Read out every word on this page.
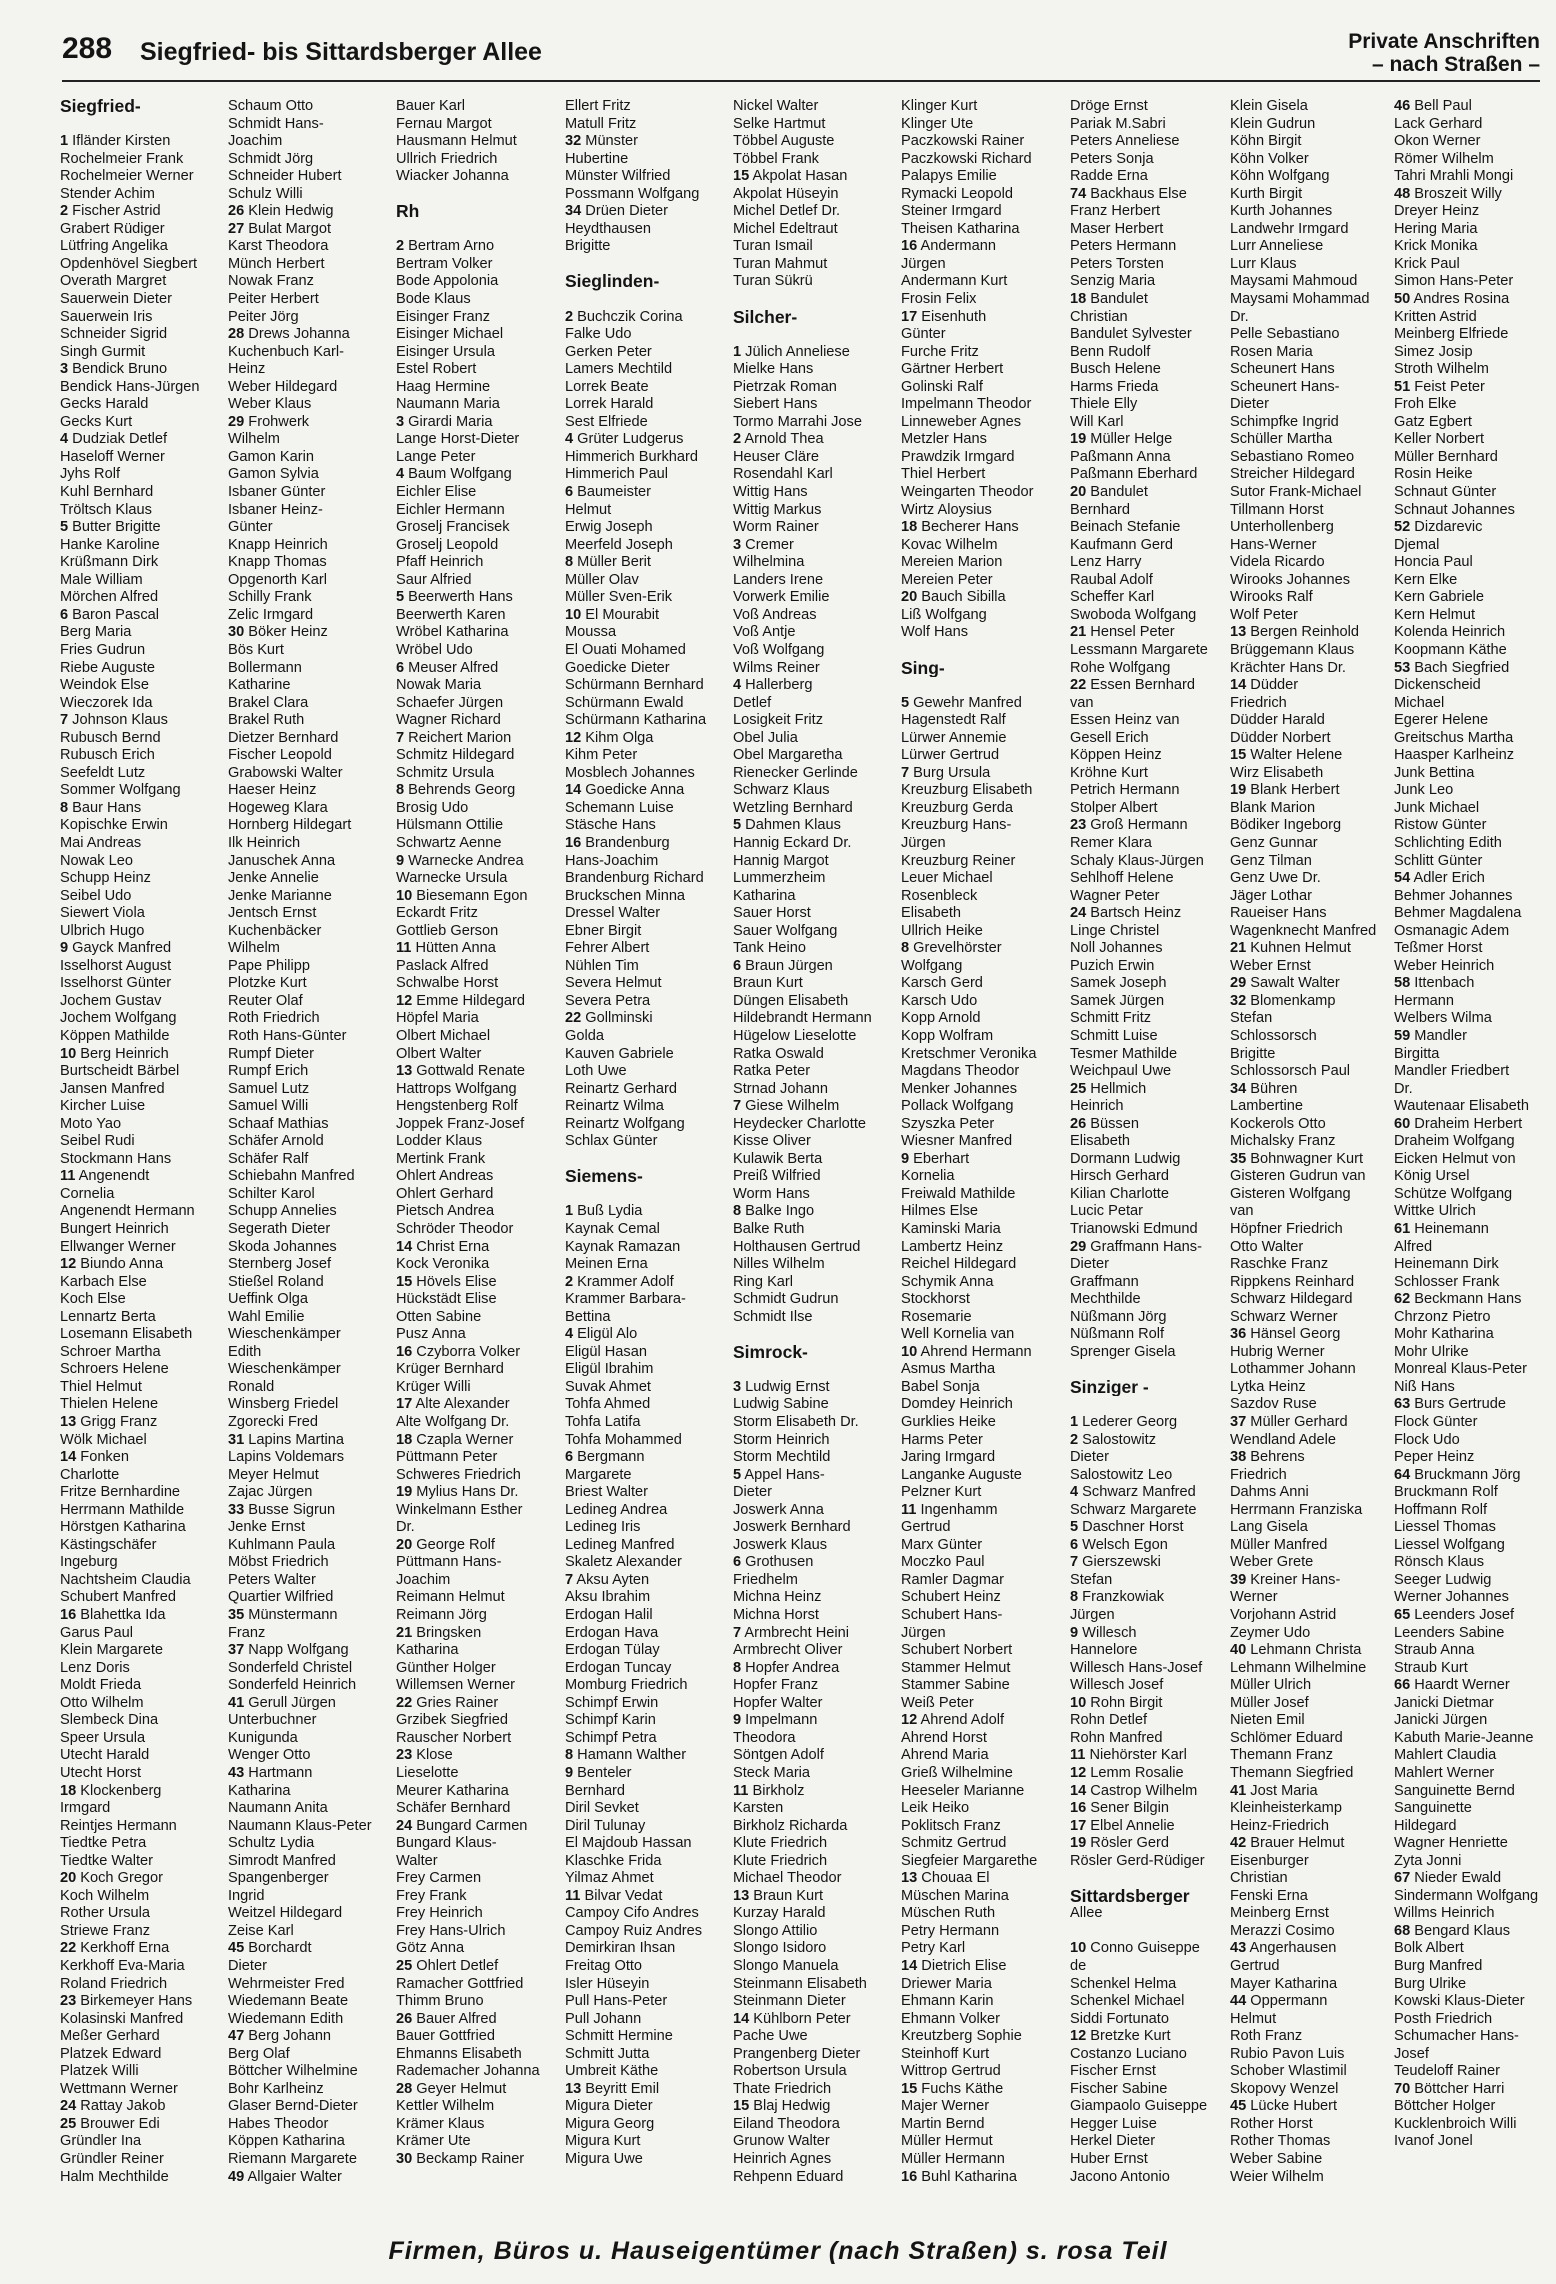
288 Siegfried- bis Sittardsberger Allee	Private Anschriften
– nach Straßen –
Siegfried-

1 Ifländer Kirsten
Rochelmeier Frank
Rochelmeier Werner
Stender Achim
2 Fischer Astrid
Grabert Rüdiger
Lütfring Angelika
Opdenhövel Siegbert
Overath Margret
Sauerwein Dieter
Sauerwein Iris
Schneider Sigrid
Singh Gurmit
3 Bendick Bruno
Bendick Hans-Jürgen
Gecks Harald
Gecks Kurt
4 Dudziak Detlef
Haseloff Werner
Jyhs Rolf
Kuhl Bernhard
Tröltsch Klaus
5 Butter Brigitte
Hanke Karoline
Krüßmann Dirk
Male William
Mörchen Alfred
6 Baron Pascal
Berg Maria
Fries Gudrun
Riebe Auguste
Weindok Else
Wieczorek Ida
7 Johnson Klaus
Rubusch Bernd
Rubusch Erich
Seefeldt Lutz
Sommer Wolfgang
8 Baur Hans
Kopischke Erwin
Mai Andreas
Nowak Leo
Schupp Heinz
Seibel Udo
Siewert Viola
Ulbrich Hugo
9 Gayck Manfred
Isselhorst August
Isselhorst Günter
Jochem Gustav
Jochem Wolfgang
Köppen Mathilde
10 Berg Heinrich
Burtscheidt Bärbel
Jansen Manfred
Kircher Luise
Moto Yao
Seibel Rudi
Stockmann Hans
11 Angenendt
Cornelia
Angenendt Hermann
Bungert Heinrich
Ellwanger Werner
12 Biundo Anna
Karbach Else
Koch Else
Lennartz Berta
Losemann Elisabeth
Schroer Martha
Schroers Helene
Thiel Helmut
Thielen Helene
13 Grigg Franz
Wölk Michael
14 Fonken
Charlotte
Fritze Bernhardine
Herrmann Mathilde
Hörstgen Katharina
Kästingschäfer
Ingeburg
Nachtsheim Claudia
Schubert Manfred
16 Blahettka Ida
Garus Paul
Klein Margarete
Lenz Doris
Moldt Frieda
Otto Wilhelm
Slembeck Dina
Speer Ursula
Utecht Harald
Utecht Horst
18 Klockenberg
Irmgard
Reintjes Hermann
Tiedtke Petra
Tiedtke Walter
20 Koch Gregor
Koch Wilhelm
Rother Ursula
Striewe Franz
22 Kerkhoff Erna
Kerkhoff Eva-Maria
Roland Friedrich
23 Birkemeyer Hans
Kolasinski Manfred
Meßer Gerhard
Platzek Edward
Platzek Willi
Wettmann Werner
24 Rattay Jakob
25 Brouwer Edi
Gründler Ina
Gründler Reiner
Halm Mechthilde
Schaum Otto
Schmidt Hans-
Joachim
Schmidt Jörg
Schneider Hubert
Schulz Willi
26 Klein Hedwig
27 Bulat Margot
Karst Theodora
Münch Herbert
Nowak Franz
Peiter Herbert
Peiter Jörg
28 Drews Johanna
Kuchenbuch Karl-
Heinz
Weber Hildegard
Weber Klaus
29 Frohwerk
Wilhelm
Gamon Karin
Gamon Sylvia
Isbaner Günter
Isbaner Heinz-
Günter
Knapp Heinrich
Knapp Thomas
Opgenorth Karl
Schilly Frank
Zelic Irmgard
30 Böker Heinz
Bös Kurt
Bollermann
Katharine
Brakel Clara
Brakel Ruth
Dietzer Bernhard
Fischer Leopold
Grabowski Walter
Haeser Heinz
Hogeweg Klara
Hornberg Hildegart
Ilk Heinrich
Januschek Anna
Jenke Annelie
Jenke Marianne
Jentsch Ernst
Kuchenbäcker
Wilhelm
Pape Philipp
Plotzke Kurt
Reuter Olaf
Roth Friedrich
Roth Hans-Günter
Rumpf Dieter
Rumpf Erich
Samuel Lutz
Samuel Willi
Schaaf Mathias
Schäfer Arnold
Schäfer Ralf
Schiebahn Manfred
Schilter Karol
Schupp Annelies
Segerath Dieter
Skoda Johannes
Sternberg Josef
Stießel Roland
Ueffink Olga
Wahl Emilie
Wieschenkämper
Edith
Wieschenkämper
Ronald
Winsberg Friedel
Zgorecki Fred
31 Lapins Martina
Lapins Voldemars
Meyer Helmut
Zajac Jürgen
33 Busse Sigrun
Jenke Ernst
Kuhlmann Paula
Möbst Friedrich
Peters Walter
Quartier Wilfried
35 Münstermann
Franz
37 Napp Wolfgang
Sonderfeld Christel
Sonderfeld Heinrich
41 Gerull Jürgen
Unterbuchner
Kunigunda
Wenger Otto
43 Hartmann
Katharina
Naumann Anita
Naumann Klaus-Peter
Schultz Lydia
Simrodt Manfred
Spangenberger
Ingrid
Weitzel Hildegard
Zeise Karl
45 Borchardt
Dieter
Wehrmeister Fred
Wiedemann Beate
Wiedemann Edith
47 Berg Johann
Berg Olaf
Böttcher Wilhelmine
Bohr Karlheinz
Glaser Bernd-Dieter
Habes Theodor
Köppen Katharina
Riemann Margarete
49 Allgaier Walter
Bauer Karl
Fernau Margot
Hausmann Helmut
Ullrich Friedrich
Wiacker Johanna

Rh

2 Bertram Arno
Bertram Volker
Bode Appolonia
Bode Klaus
Eisinger Franz
Eisinger Michael
Eisinger Ursula
Estel Robert
Haag Hermine
Naumann Maria
3 Girardi Maria
Lange Horst-Dieter
Lange Peter
4 Baum Wolfgang
Eichler Elise
Eichler Hermann
Groselj Francisek
Groselj Leopold
Pfaff Heinrich
Saur Alfried
5 Beerwerth Hans
Beerwerth Karen
Wröbel Katharina
Wröbel Udo
6 Meuser Alfred
Nowak Maria
Schaefer Jürgen
Wagner Richard
7 Reichert Marion
Schmitz Hildegard
Schmitz Ursula
8 Behrends Georg
Brosig Udo
Hülsmann Ottilie
Schwartz Aenne
9 Warnecke Andrea
Warnecke Ursula
10 Biesemann Egon
Eckardt Fritz
Gottlieb Gerson
11 Hütten Anna
Paslack Alfred
Schwalbe Horst
12 Emme Hildegard
Höpfel Maria
Olbert Michael
Olbert Walter
13 Gottwald Renate
Hattrops Wolfgang
Hengstenberg Rolf
Joppek Franz-Josef
Lodder Klaus
Mertink Frank
Ohlert Andreas
Ohlert Gerhard
Pietsch Andrea
Schröder Theodor
14 Christ Erna
Kock Veronika
15 Hövels Elise
Hückstädt Elise
Otten Sabine
Pusz Anna
16 Czyborra Volker
Krüger Bernhard
Krüger Willi
17 Alte Alexander
Alte Wolfgang Dr.
18 Czapla Werner
Püttmann Peter
Schweres Friedrich
19 Mylius Hans Dr.
Winkelmann Esther
Dr.
20 George Rolf
Püttmann Hans-
Joachim
Reimann Helmut
Reimann Jörg
21 Bringsken
Katharina
Günther Holger
Willemsen Werner
22 Gries Rainer
Grzibek Siegfried
Rauscher Norbert
23 Klose
Lieselotte
Meurer Katharina
Schäfer Bernhard
24 Bungard Carmen
Bungard Klaus-
Walter
Frey Carmen
Frey Frank
Frey Heinrich
Frey Hans-Ulrich
Götz Anna
25 Ohlert Detlef
Ramacher Gottfried
Thimm Bruno
26 Bauer Alfred
Bauer Gottfried
Ehmanns Elisabeth
Rademacher Johanna
28 Geyer Helmut
Kettler Wilhelm
Krämer Klaus
Krämer Ute
30 Beckamp Rainer
Ellert Fritz
Matull Fritz
32 Münster
Hubertine
Münster Wilfried
Possmann Wolfgang
34 Drüen Dieter
Heydthausen
Brigitte

Sieglinden-

2 Buchczik Corina
Falke Udo
Gerken Peter
Lamers Mechtild
Lorrek Beate
Lorrek Harald
Sest Elfriede
4 Grüter Ludgerus
Himmerich Burkhard
Himmerich Paul
6 Baumeister
Helmut
Erwig Joseph
Meerfeld Joseph
8 Müller Berit
Müller Olav
Müller Sven-Erik
10 El Mourabit
Moussa
El Ouati Mohamed
Goedicke Dieter
Schürmann Bernhard
Schürmann Ewald
Schürmann Katharina
12 Kihm Olga
Kihm Peter
Mosblech Johannes
14 Goedicke Anna
Schemann Luise
Stäsche Hans
16 Brandenburg
Hans-Joachim
Brandenburg Richard
Bruckschen Minna
Dressel Walter
Ebner Birgit
Fehrer Albert
Nühlen Tim
Severa Helmut
Severa Petra
22 Gollminski
Golda
Kauven Gabriele
Loth Uwe
Reinartz Gerhard
Reinartz Wilma
Reinartz Wolfgang
Schlax Günter

Siemens-

1 Buß Lydia
Kaynak Cemal
Kaynak Ramazan
Meinen Erna
2 Krammer Adolf
Krammer Barbara-
Bettina
4 Eligül Alo
Eligül Hasan
Eligül Ibrahim
Suvak Ahmet
Tohfa Ahmed
Tohfa Latifa
Tohfa Mohammed
6 Bergmann
Margarete
Briest Walter
Ledineg Andrea
Ledineg Iris
Ledineg Manfred
Skaletz Alexander
7 Aksu Ayten
Aksu Ibrahim
Erdogan Halil
Erdogan Hava
Erdogan Tülay
Erdogan Tuncay
Momburg Friedrich
Schimpf Erwin
Schimpf Karin
Schimpf Petra
8 Hamann Walther
9 Benteler
Bernhard
Diril Sevket
Diril Tulunay
El Majdoub Hassan
Klaschke Frida
Yilmaz Ahmet
11 Bilvar Vedat
Campoy Cifo Andres
Campoy Ruiz Andres
Demirkiran Ihsan
Freitag Otto
Isler Hüseyin
Pull Hans-Peter
Pull Johann
Schmitt Hermine
Schmitt Jutta
Umbreit Käthe
13 Beyritt Emil
Migura Dieter
Migura Georg
Migura Kurt
Migura Uwe
Nickel Walter
Selke Hartmut
Többel Auguste
Többel Frank
15 Akpolat Hasan
Akpolat Hüseyin
Michel Detlef Dr.
Michel Edeltraut
Turan Ismail
Turan Mahmut
Turan Sükrü

Silcher-

1 Jülich Anneliese
Mielke Hans
Pietrzak Roman
Siebert Hans
Tormo Marrahi Jose
2 Arnold Thea
Heuser Cläre
Rosendahl Karl
Wittig Hans
Wittig Markus
Worm Rainer
3 Cremer
Wilhelmina
Landers Irene
Vorwerk Emilie
Voß Andreas
Voß Antje
Voß Wolfgang
Wilms Reiner
4 Hallerberg
Detlef
Losigkeit Fritz
Obel Julia
Obel Margaretha
Rienecker Gerlinde
Schwarz Klaus
Wetzling Bernhard
5 Dahmen Klaus
Hannig Eckard Dr.
Hannig Margot
Lummerzheim
Katharina
Sauer Horst
Sauer Wolfgang
Tank Heino
6 Braun Jürgen
Braun Kurt
Düngen Elisabeth
Hildebrandt Hermann
Hügelow Lieselotte
Ratka Oswald
Ratka Peter
Strnad Johann
7 Giese Wilhelm
Heydecker Charlotte
Kisse Oliver
Kulawik Berta
Preiß Wilfried
Worm Hans
8 Balke Ingo
Balke Ruth
Holthausen Gertrud
Nilles Wilhelm
Ring Karl
Schmidt Gudrun
Schmidt Ilse

Simrock-

3 Ludwig Ernst
Ludwig Sabine
Storm Elisabeth Dr.
Storm Heinrich
Storm Mechtild
5 Appel Hans-
Dieter
Joswerk Anna
Joswerk Bernhard
Joswerk Klaus
6 Grothusen
Friedhelm
Michna Heinz
Michna Horst
7 Armbrecht Heini
Armbrecht Oliver
8 Hopfer Andrea
Hopfer Franz
Hopfer Walter
9 Impelmann
Theodora
Söntgen Adolf
Steck Maria
11 Birkholz
Karsten
Birkholz Richarda
Klute Friedrich
Klute Friedrich
Michael Theodor
13 Braun Kurt
Kurzay Harald
Slongo Attilio
Slongo Isidoro
Slongo Manuela
Steinmann Elisabeth
Steinmann Dieter
14 Kühlborn Peter
Pache Uwe
Prangenberg Dieter
Robertson Ursula
Thate Friedrich
15 Blaj Hedwig
Eiland Theodora
Grunow Walter
Heinrich Agnes
Rehpenn Eduard
Klinger Kurt
Klinger Ute
Paczkowski Rainer
Paczkowski Richard
Palapys Emilie
Rymacki Leopold
Steiner Irmgard
Theisen Katharina
16 Andermann
Jürgen
Andermann Kurt
Frosin Felix
17 Eisenhuth
Günter
Furche Fritz
Gärtner Herbert
Golinski Ralf
Impelmann Theodor
Linneweber Agnes
Metzler Hans
Prawdzik Irmgard
Thiel Herbert
Weingarten Theodor
Wirtz Aloysius
18 Becherer Hans
Kovac Wilhelm
Mereien Marion
Mereien Peter
20 Bauch Sibilla
Liß Wolfgang
Wolf Hans

Sing-

5 Gewehr Manfred
Hagenstedt Ralf
Lürwer Annemie
Lürwer Gertrud
7 Burg Ursula
Kreuzburg Elisabeth
Kreuzburg Gerda
Kreuzburg Hans-
Jürgen
Kreuzburg Reiner
Leuer Michael
Rosenbleck
Elisabeth
Ullrich Heike
8 Grevelhörster
Wolfgang
Karsch Gerd
Karsch Udo
Kopp Arnold
Kopp Wolfram
Kretschmer Veronika
Magdans Theodor
Menker Johannes
Pollack Wolfgang
Szyszka Peter
Wiesner Manfred
9 Eberhart
Kornelia
Freiwald Mathilde
Hilmes Else
Kaminski Maria
Lambertz Heinz
Reichel Hildegard
Schymik Anna
Stockhorst
Rosemarie
Well Kornelia van
10 Ahrend Hermann
Asmus Martha
Babel Sonja
Domdey Heinrich
Gurklies Heike
Harms Peter
Jaring Irmgard
Langanke Auguste
Pelzner Kurt
11 Ingenhamm
Gertrud
Marx Günter
Moczko Paul
Ramler Dagmar
Schubert Heinz
Schubert Hans-
Jürgen
Schubert Norbert
Stammer Helmut
Stammer Sabine
Weiß Peter
12 Ahrend Adolf
Ahrend Horst
Ahrend Maria
Grieß Wilhelmine
Heeseler Marianne
Leik Heiko
Poklitsch Franz
Schmitz Gertrud
Siegfeier Margarethe
13 Chouaa El
Müschen Marina
Müschen Ruth
Petry Hermann
Petry Karl
14 Dietrich Elise
Driewer Maria
Ehmann Karin
Ehmann Volker
Kreutzberg Sophie
Steinhoff Kurt
Wittrop Gertrud
15 Fuchs Käthe
Majer Werner
Martin Bernd
Müller Hermut
Müller Hermann
16 Buhl Katharina
Dröge Ernst
Pariak M.Sabri
Peters Anneliese
Peters Sonja
Radde Erna
74 Backhaus Else
Franz Herbert
Maser Herbert
Peters Hermann
Peters Torsten
Senzig Maria
18 Bandulet
Christian
Bandulet Sylvester
Benn Rudolf
Busch Helene
Harms Frieda
Thiele Elly
Will Karl
19 Müller Helge
Paßmann Anna
Paßmann Eberhard
20 Bandulet
Bernhard
Beinach Stefanie
Kaufmann Gerd
Lenz Harry
Raubal Adolf
Scheffer Karl
Swoboda Wolfgang
21 Hensel Peter
Lessmann Margarete
Rohe Wolfgang
22 Essen Bernhard
van
Essen Heinz van
Gesell Erich
Köppen Heinz
Kröhne Kurt
Petrich Hermann
Stolper Albert
23 Groß Hermann
Remer Klara
Schaly Klaus-Jürgen
Sehlhoff Helene
Wagner Peter
24 Bartsch Heinz
Linge Christel
Noll Johannes
Puzich Erwin
Samek Joseph
Samek Jürgen
Schmitt Fritz
Schmitt Luise
Tesmer Mathilde
Weichpaul Uwe
25 Hellmich
Heinrich
26 Büssen
Elisabeth
Dormann Ludwig
Hirsch Gerhard
Kilian Charlotte
Lucic Petar
Trianowski Edmund
29 Graffmann Hans-
Dieter
Graffmann
Mechthilde
Nüßmann Jörg
Nüßmann Rolf
Sprenger Gisela

Sinziger -

1 Lederer Georg
2 Salostowitz
Dieter
Salostowitz Leo
4 Schwarz Manfred
Schwarz Margarete
5 Daschner Horst
6 Welsch Egon
7 Gierszewski
Stefan
8 Franzkowiak
Jürgen
9 Willesch
Hannelore
Willesch Hans-Josef
Willesch Josef
10 Rohn Birgit
Rohn Detlef
Rohn Manfred
11 Niehörster Karl
12 Lemm Rosalie
14 Castrop Wilhelm
16 Sener Bilgin
17 Elbel Annelie
19 Rösler Gerd
Rösler Gerd-Rüdiger

Sittardsberger
Allee

10 Conno Guiseppe
de
Schenkel Helma
Schenkel Michael
Siddi Fortunato
12 Bretzke Kurt
Costanzo Luciano
Fischer Ernst
Fischer Sabine
Giampaolo Guiseppe
Hegger Luise
Herkel Dieter
Huber Ernst
Jacono Antonio
Klein Gisela
Klein Gudrun
Köhn Birgit
Köhn Volker
Köhn Wolfgang
Kurth Birgit
Kurth Johannes
Landwehr Irmgard
Lurr Anneliese
Lurr Klaus
Maysami Mahmoud
Maysami Mohammad
Dr.
Pelle Sebastiano
Rosen Maria
Scheunert Hans
Scheunert Hans-
Dieter
Schimpfke Ingrid
Schüller Martha
Sebastiano Romeo
Streicher Hildegard
Sutor Frank-Michael
Tillmann Horst
Unterhollenberg
Hans-Werner
Videla Ricardo
Wirooks Johannes
Wirooks Ralf
Wolf Peter
13 Bergen Reinhold
Brüggemann Klaus
Krächter Hans Dr.
14 Düdder
Friedrich
Düdder Harald
Düdder Norbert
15 Walter Helene
Wirz Elisabeth
19 Blank Herbert
Blank Marion
Bödiker Ingeborg
Genz Gunnar
Genz Tilman
Genz Uwe Dr.
Jäger Lothar
Raueiser Hans
Wagenknecht Manfred
21 Kuhnen Helmut
Weber Ernst
29 Sawalt Walter
32 Blomenkamp
Stefan
Schlossorsch
Brigitte
Schlossorsch Paul
34 Bühren
Lambertine
Kockerols Otto
Michalsky Franz
35 Bohnwagner Kurt
Gisteren Gudrun van
Gisteren Wolfgang
van
Höpfner Friedrich
Otto Walter
Raschke Franz
Rippkens Reinhard
Schwarz Hildegard
Schwarz Werner
36 Hänsel Georg
Hubrig Werner
Lothammer Johann
Lytka Heinz
Sazdov Ruse
37 Müller Gerhard
Wendland Adele
38 Behrens
Friedrich
Dahms Anni
Herrmann Franziska
Lang Gisela
Müller Manfred
Weber Grete
39 Kreiner Hans-
Werner
Vorjohann Astrid
Zeymer Udo
40 Lehmann Christa
Lehmann Wilhelmine
Müller Ulrich
Müller Josef
Nieten Emil
Schlömer Eduard
Themann Franz
Themann Siegfried
41 Jost Maria
Kleinheisterkamp
Heinz-Friedrich
42 Brauer Helmut
Eisenburger
Christian
Fenski Erna
Meinberg Ernst
Merazzi Cosimo
43 Angerhausen
Gertrud
Mayer Katharina
44 Oppermann
Helmut
Roth Franz
Rubio Pavon Luis
Schober Wlastimil
Skopovy Wenzel
45 Lücke Hubert
Rother Horst
Rother Thomas
Weber Sabine
Weier Wilhelm
46 Bell Paul
Lack Gerhard
Okon Werner
Römer Wilhelm
Tahri Mrahli Mongi
48 Broszeit Willy
Dreyer Heinz
Hering Maria
Krick Monika
Krick Paul
Simon Hans-Peter
50 Andres Rosina
Kritten Astrid
Meinberg Elfriede
Simez Josip
Stroth Wilhelm
51 Feist Peter
Froh Elke
Gatz Egbert
Keller Norbert
Müller Bernhard
Rosin Heike
Schnaut Günter
Schnaut Johannes
52 Dizdarevic
Djemal
Honcia Paul
Kern Elke
Kern Gabriele
Kern Helmut
Kolenda Heinrich
Koopmann Käthe
53 Bach Siegfried
Dickenscheid
Michael
Egerer Helene
Greitschus Martha
Haasper Karlheinz
Junk Bettina
Junk Leo
Junk Michael
Ristow Günter
Schlichting Edith
Schlitt Günter
54 Adler Erich
Behmer Johannes
Behmer Magdalena
Osmanagic Adem
Teßmer Horst
Weber Heinrich
58 Ittenbach
Hermann
Welbers Wilma
59 Mandler
Birgitta
Mandler Friedbert
Dr.
Wautenaar Elisabeth
60 Draheim Herbert
Draheim Wolfgang
Eicken Helmut von
König Ursel
Schütze Wolfgang
Wittke Ulrich
61 Heinemann
Alfred
Heinemann Dirk
Schlosser Frank
62 Beckmann Hans
Chrzonz Pietro
Mohr Katharina
Mohr Ulrike
Monreal Klaus-Peter
Niß Hans
63 Burs Gertrude
Flock Günter
Flock Udo
Peper Heinz
64 Bruckmann Jörg
Bruckmann Rolf
Hoffmann Rolf
Liessel Thomas
Liessel Wolfgang
Rönsch Klaus
Seeger Ludwig
Werner Johannes
65 Leenders Josef
Leenders Sabine
Straub Anna
Straub Kurt
66 Haardt Werner
Janicki Dietmar
Janicki Jürgen
Kabuth Marie-Jeanne
Mahlert Claudia
Mahlert Werner
Sanguinette Bernd
Sanguinette
Hildegard
Wagner Henriette
Zyta Jonni
67 Nieder Ewald
Sindermann Wolfgang
Willms Heinrich
68 Bengard Klaus
Bolk Albert
Burg Manfred
Burg Ulrike
Kowski Klaus-Dieter
Posth Friedrich
Schumacher Hans-
Josef
Teudeloff Rainer
70 Böttcher Harri
Böttcher Holger
Kucklenbroich Willi
Ivanof Jonel
Firmen, Büros u. Hauseigentümer (nach Straßen) s. rosa Teil
